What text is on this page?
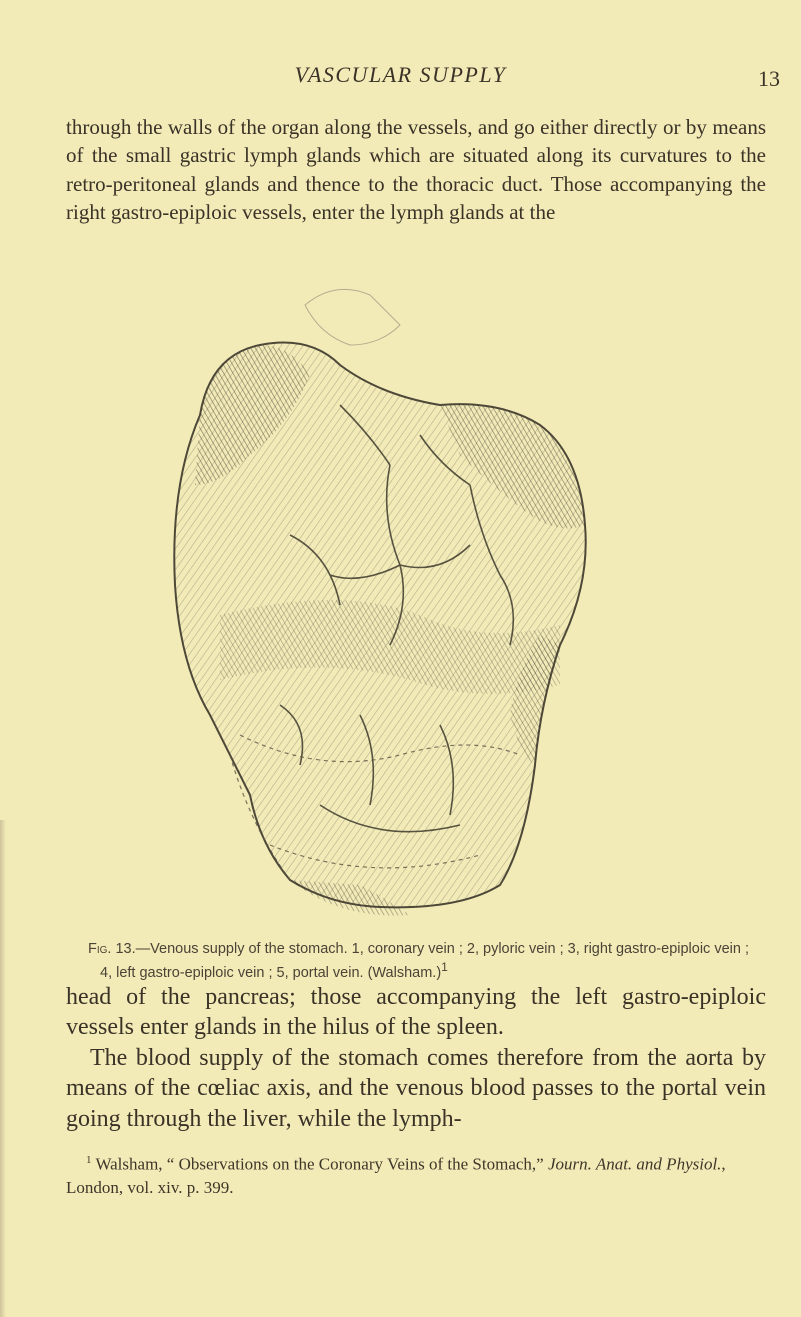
VASCULAR SUPPLY	13

through the walls of the organ along the vessels, and go either directly or by means of the small gastric lymph glands which are situated along its curvatures to the retro-peritoneal glands and thence to the thoracic duct. Those accompanying the right gastro-epiploic vessels, enter the lymph glands at the

Fig. 13.—Venous supply of the stomach. 1, coronary vein ; 2, pyloric vein ; 3, right gastro-epiploic vein ; 4, left gastro-epiploic vein ; 5, portal vein. (Walsham.)$^1$

head of the pancreas; those accompanying the left gastro-epiploic vessels enter glands in the hilus of the spleen.
The blood supply of the stomach comes therefore from the aorta by means of the cœliac axis, and the venous blood passes to the portal vein going through the liver, while the lymph-

$^1$ Walsham, “ Observations on the Coronary Veins of the Stomach,” Journ. Anat. and Physiol., London, vol. xiv. p. 399.
